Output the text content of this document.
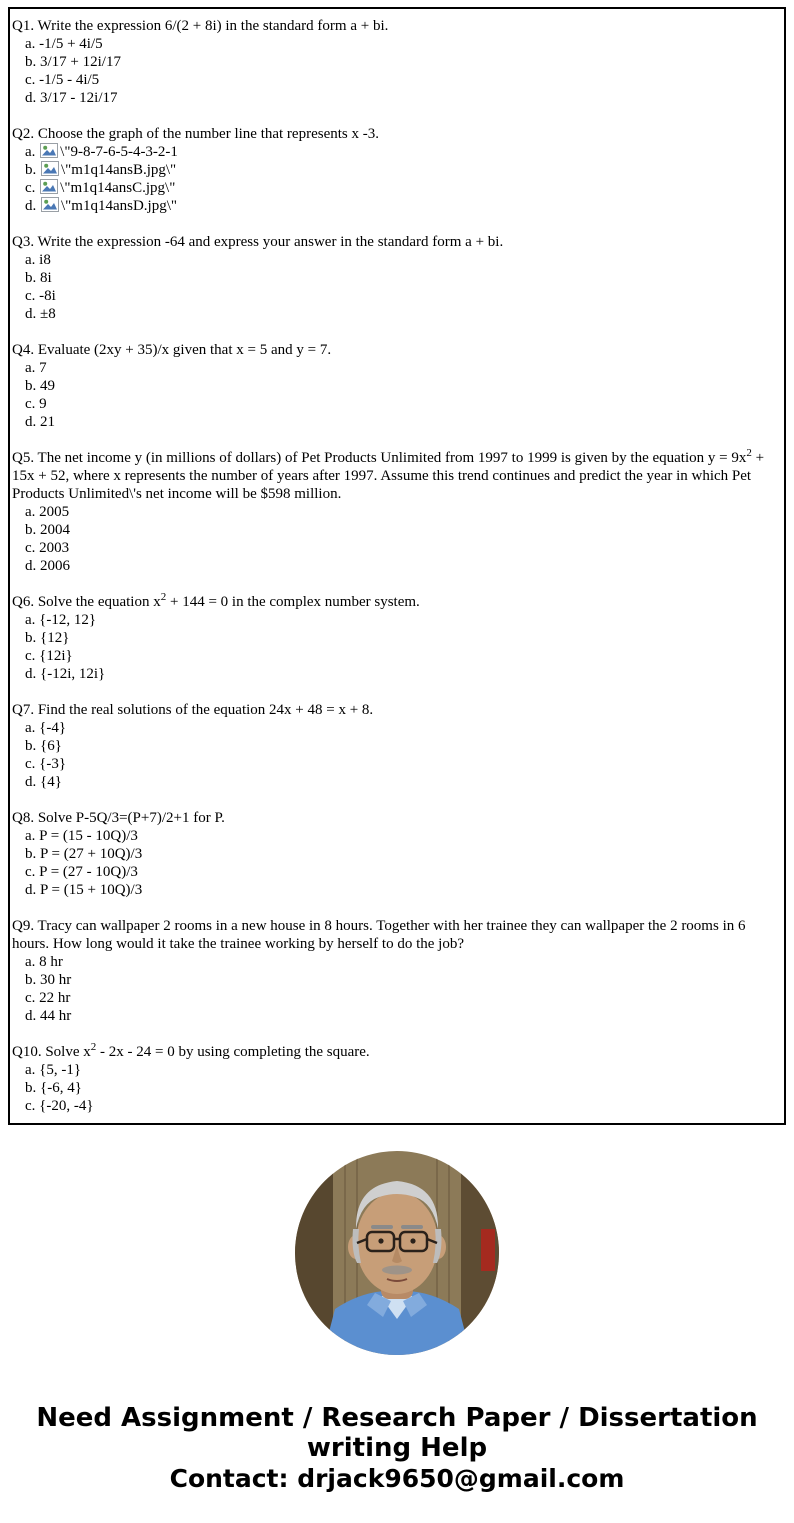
Q1. Write the expression 6/(2 + 8i) in the standard form a + bi.
a. -1/5 + 4i/5
b. 3/17 + 12i/17
c. -1/5 - 4i/5
d. 3/17 - 12i/17
Q2. Choose the graph of the number line that represents x -3.
a. \"9-8-7-6-5-4-3-2-1
b. \"m1q14ansB.jpg\"
c. \"m1q14ansC.jpg\"
d. \"m1q14ansD.jpg\"
Q3. Write the expression -64 and express your answer in the standard form a + bi.
a. i8
b. 8i
c. -8i
d. ±8
Q4. Evaluate (2xy + 35)/x given that x = 5 and y = 7.
a. 7
b. 49
c. 9
d. 21
Q5. The net income y (in millions of dollars) of Pet Products Unlimited from 1997 to 1999 is given by the equation $y = 9x^2 + 15x + 52$, where x represents the number of years after 1997. Assume this trend continues and predict the year in which Pet Products Unlimited\'s net income will be $598 million.
a. 2005
b. 2004
c. 2003
d. 2006
Q6. Solve the equation $x^2 + 144 = 0$ in the complex number system.
a. {-12, 12}
b. {12}
c. {12i}
d. {-12i, 12i}
Q7. Find the real solutions of the equation 24x + 48 = x + 8.
a. {-4}
b. {6}
c. {-3}
d. {4}
Q8. Solve P-5Q/3=(P+7)/2+1 for P.
a. P = (15 - 10Q)/3
b. P = (27 + 10Q)/3
c. P = (27 - 10Q)/3
d. P = (15 + 10Q)/3
Q9. Tracy can wallpaper 2 rooms in a new house in 8 hours. Together with her trainee they can wallpaper the 2 rooms in 6 hours. How long would it take the trainee working by herself to do the job?
a. 8 hr
b. 30 hr
c. 22 hr
d. 44 hr
Q10. Solve $x^2 - 2x - 24 = 0$ by using completing the square.
a. {5, -1}
b. {-6, 4}
c. {-20, -4}
Need Assignment / Research Paper / Dissertation
writing Help
Contact: drjack9650@gmail.com
